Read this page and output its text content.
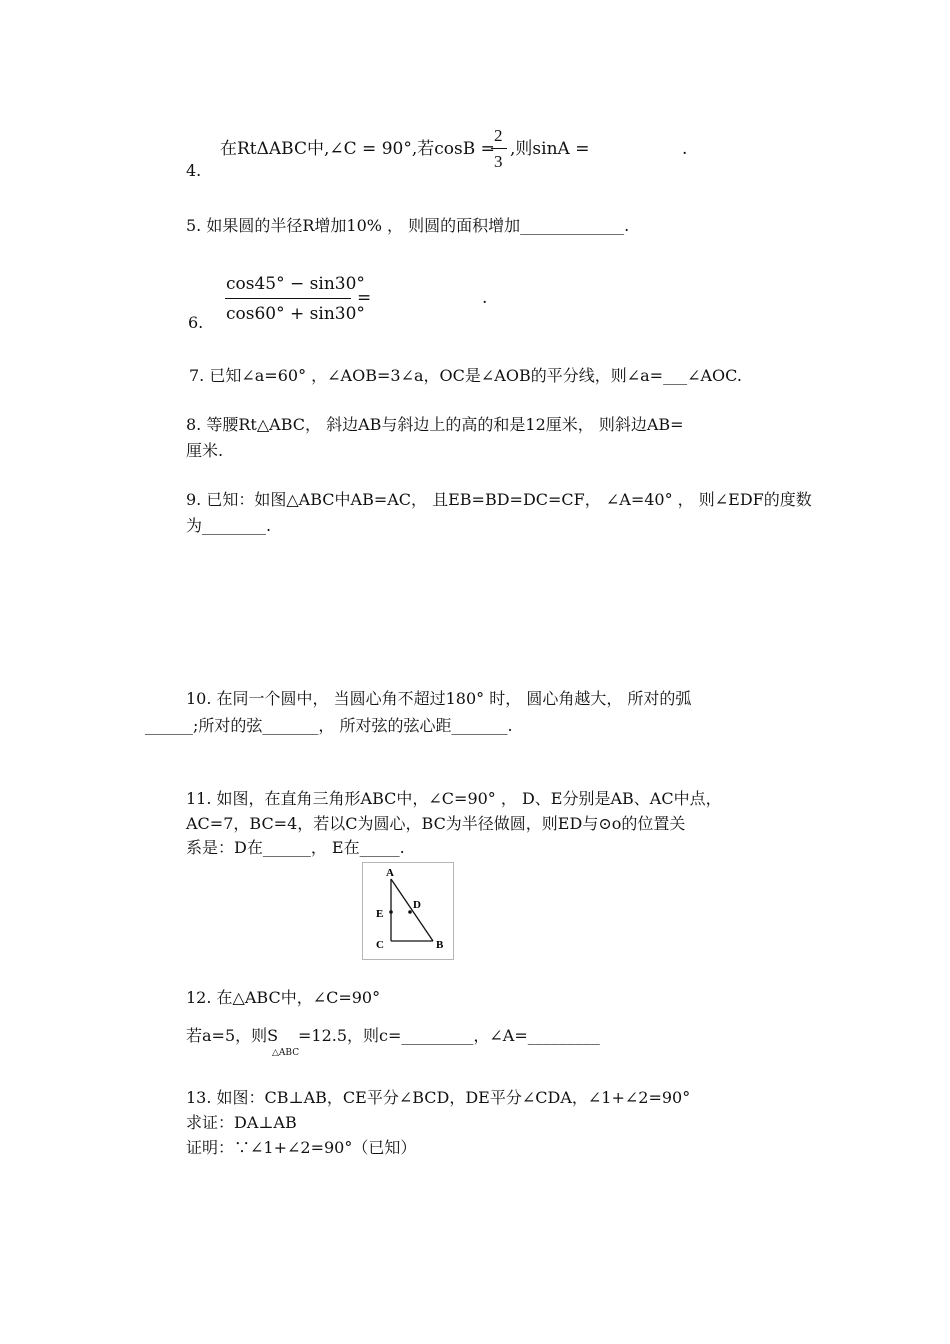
在RtΔABC中,∠C = 90°,若cosB =
2
3
,则sinA =	.
4.
5. 如果圆的半径R增加10% ， 则圆的面积增加_____________.
cos45° − sin30°
cos60° + sin30°
=	.
6.
7. 已知∠a=60° ，∠AOB=3∠a，OC是∠AOB的平分线，则∠a=___∠AOC.
8. 等腰Rt△ABC， 斜边AB与斜边上的高的和是12厘米， 则斜边AB=
厘米.
9. 已知：如图△ABC中AB=AC， 且EB=BD=DC=CF， ∠A=40° ， 则∠EDF的度数
为________.
10. 在同一个圆中， 当圆心角不超过180° 时， 圆心角越大， 所对的弧
______;所对的弦_______， 所对弦的弦心距_______.
11. 如图，在直角三角形ABC中，∠C=90° ， D、E分别是AB、AC中点，
AC=7，BC=4，若以C为圆心，BC为半径做圆，则ED与⊙o的位置关
系是：D在______， E在_____.
A
E
D
C	B
12. 在△ABC中，∠C=90°
若a=5，则S
△ABC
=12.5，则c=_________，∠A=_________
13. 如图：CB⊥AB，CE平分∠BCD，DE平分∠CDA，∠1+∠2=90°
求证：DA⊥AB
证明：∵∠1+∠2=90°（已知）
